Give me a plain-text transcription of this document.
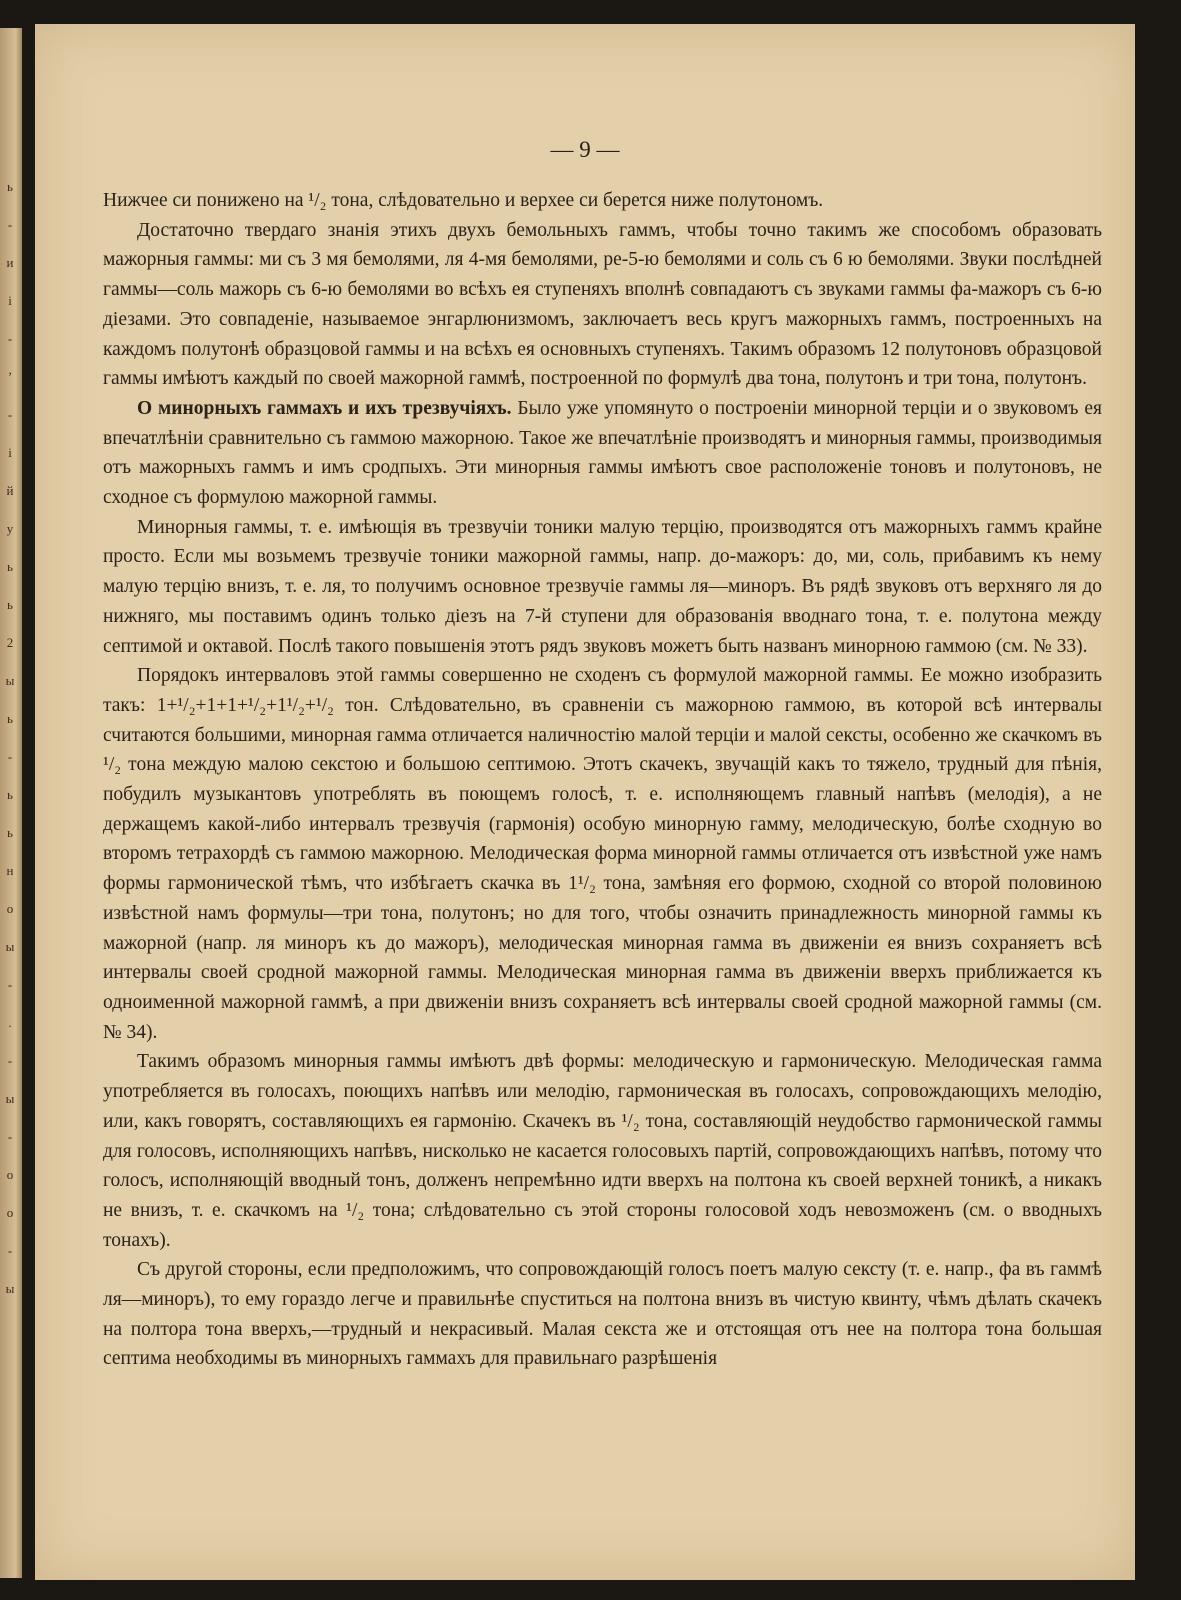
ь
-
и
і
-
’
-
і
й
у
ь
ь
2
ы
ь
-
ь
ь
н
о
ы
-
.
-
ы
-
о
о
-
ы
— 9 —

Нижчее си понижено на ¹/₂ тона, слѣдовательно и верхее си берется ниже полутономъ.

Достаточно твердаго знанія этихъ двухъ бемольныхъ гаммъ, чтобы точно такимъ же способомъ образовать мажорныя гаммы: ми съ 3 мя бемолями, ля 4-мя бемолями, ре-5-ю бемолями и соль съ 6 ю бемолями. Звуки послѣдней гаммы—соль мажорь съ 6-ю бемолями во всѣхъ ея ступеняхъ вполнѣ совпадаютъ съ звуками гаммы фа-мажоръ съ 6-ю діезами. Это совпаденіе, называемое энгарлюнизмомъ, заключаетъ весь кругъ мажорныхъ гаммъ, построенныхъ на каждомъ полутонѣ образцовой гаммы и на всѣхъ ея основныхъ ступеняхъ. Такимъ образомъ 12 полутоновъ образцовой гаммы имѣютъ каждый по своей мажорной гаммѣ, построенной по формулѣ два тона, полутонъ и три тона, полутонъ.

О минорныхъ гаммахъ и ихъ трезвучіяхъ. Было уже упомянуто о построеніи минорной терціи и о звуковомъ ея впечатлѣніи сравнительно съ гаммою мажорною. Такое же впечатлѣніе производятъ и минорныя гаммы, производимыя отъ мажорныхъ гаммъ и имъ сродпыхъ. Эти минорныя гаммы имѣютъ свое расположеніе тоновъ и полутоновъ, не сходное съ формулою мажорной гаммы.

Минорныя гаммы, т. е. имѣющія въ трезвучіи тоники малую терцію, производятся отъ мажорныхъ гаммъ крайне просто. Если мы возьмемъ трезвучіе тоники мажорной гаммы, напр. до-мажоръ: до, ми, соль, прибавимъ къ нему малую терцію внизъ, т. е. ля, то получимъ основное трезвучіе гаммы ля—миноръ. Въ рядѣ звуковъ отъ верхняго ля до нижняго, мы поставимъ одинъ только діезъ на 7-й ступени для образованія вводнаго тона, т. е. полутона между септимой и октавой. Послѣ такого повышенія этотъ рядъ звуковъ можетъ быть названъ минорною гаммою (см. № 33).

Порядокъ интерваловъ этой гаммы совершенно не сходенъ съ формулой мажорной гаммы. Ее можно изобразить такъ: 1+¹/₂+1+1+¹/₂+1¹/₂+¹/₂ тон. Слѣдовательно, въ сравненіи съ мажорною гаммою, въ которой всѣ интервалы считаются большими, минорная гамма отличается наличностію малой терціи и малой сексты, особенно же скачкомъ въ ¹/₂ тона междую малою секстою и большою септимою. Этотъ скачекъ, звучащій какъ то тяжело, трудный для пѣнія, побудилъ музыкантовъ употреблять въ поющемъ голосѣ, т. е. исполняющемъ главный напѣвъ (мелодія), а не держащемъ какой-либо интервалъ трезвучія (гармонія) особую минорную гамму, мелодическую, болѣе сходную во второмъ тетрахордѣ съ гаммою мажорною. Мелодическая форма минорной гаммы отличается отъ извѣстной уже намъ формы гармонической тѣмъ, что избѣгаетъ скачка въ 1¹/₂ тона, замѣняя его формою, сходной со второй половиною извѣстной намъ формулы—три тона, полутонъ; но для того, чтобы означить принадлежность минорной гаммы къ мажорной (напр. ля миноръ къ до мажоръ), мелодическая минорная гамма въ движеніи ея внизъ сохраняетъ всѣ интервалы своей сродной мажорной гаммы. Мелодическая минорная гамма въ движеніи вверхъ приближается къ одноименной мажорной гаммѣ, а при движеніи внизъ сохраняетъ всѣ интервалы своей сродной мажорной гаммы (см. № 34).

Такимъ образомъ минорныя гаммы имѣютъ двѣ формы: мелодическую и гармоническую. Мелодическая гамма употребляется въ голосахъ, поющихъ напѣвъ или мелодію, гармоническая въ голосахъ, сопровождающихъ мелодію, или, какъ говорятъ, составляющихъ ея гармонію. Скачекъ въ ¹/₂ тона, составляющій неудобство гармонической гаммы для голосовъ, исполняющихъ напѣвъ, нисколько не касается голосовыхъ партій, сопровождающихъ напѣвъ, потому что голосъ, исполняющій вводный тонъ, долженъ непремѣнно идти вверхъ на полтона къ своей верхней тоникѣ, а никакъ не внизъ, т. е. скачкомъ на ¹/₂ тона; слѣдовательно съ этой стороны голосовой ходъ невозможенъ (см. о вводныхъ тонахъ).

Съ другой стороны, если предположимъ, что сопровождающій голосъ поетъ малую сексту (т. е. напр., фа въ гаммѣ ля—миноръ), то ему гораздо легче и правильнѣе спуститься на полтона внизъ въ чистую квинту, чѣмъ дѣлать скачекъ на полтора тона вверхъ,—трудный и некрасивый. Малая секста же и отстоящая отъ нее на полтора тона большая септима необходимы въ минорныхъ гаммахъ для правильнаго разрѣшенія
